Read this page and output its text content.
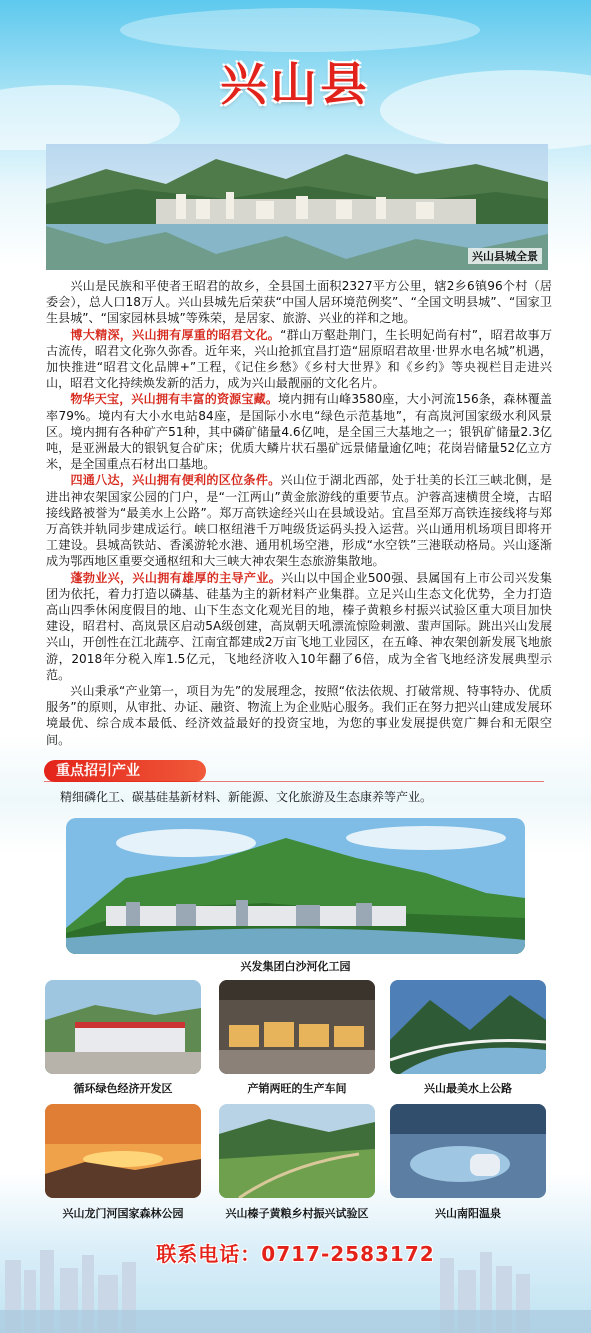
兴山县
兴山县城全景

  兴山是民族和平使者王昭君的故乡，全县国土面积2327平方公里，辖2乡6镇96个村（居委会），总人口18万人。兴山县城先后荣获“中国人居环境范例奖”、“全国文明县城”、“国家卫生县城”、“国家园林县城”等殊荣，是居家、旅游、兴业的祥和之地。

  博大精深，兴山拥有厚重的昭君文化。“群山万壑赴荆门，生长明妃尚有村”，昭君故事万古流传，昭君文化弥久弥香。近年来，兴山抢抓宜昌打造“屈原昭君故里·世界水电名城”机遇，加快推进“昭君文化品牌+”工程，《记住乡愁》《乡村大世界》和《乡约》等央视栏目走进兴山，昭君文化持续焕发新的活力，成为兴山最靓丽的文化名片。

  物华天宝，兴山拥有丰富的资源宝藏。境内拥有山峰3580座，大小河流156条，森林覆盖率79%。境内有大小水电站84座，是国际小水电“绿色示范基地”，有高岚河国家级水利风景区。境内拥有各种矿产51种，其中磷矿储量4.6亿吨，是全国三大基地之一；银钒矿储量2.3亿吨，是亚洲最大的银钒复合矿床；优质大鳞片状石墨矿远景储量逾亿吨；花岗岩储量52亿立方米，是全国重点石材出口基地。

  四通八达，兴山拥有便利的区位条件。兴山位于湖北西部，处于壮美的长江三峡北侧，是进出神农架国家公园的门户，是“一江两山”黄金旅游线的重要节点。沪蓉高速横贯全境，古昭接线路被誉为“最美水上公路”。郑万高铁途经兴山在县域设站。宜昌至郑万高铁连接线将与郑万高铁并轨同步建成运行。峡口枢纽港千万吨级货运码头投入运营。兴山通用机场项目即将开工建设。县城高铁站、香溪游轮水港、通用机场空港，形成“水空铁”三港联动格局。兴山逐渐成为鄂西地区重要交通枢纽和大三峡大神农架生态旅游集散地。

  蓬勃业兴，兴山拥有雄厚的主导产业。兴山以中国企业500强、县属国有上市公司兴发集团为依托，着力打造以磷基、硅基为主的新材料产业集群。立足兴山生态文化优势，全力打造高山四季休闲度假目的地、山下生态文化观光目的地，榛子黄粮乡村振兴试验区重大项目加快建设，昭君村、高岚景区启动5A级创建，高岚朝天吼漂流惊险刺激、蜚声国际。跳出兴山发展兴山，开创性在江北蔬亭、江南宜都建成2万亩飞地工业园区，在五峰、神农架创新发展飞地旅游，2018年分税入库1.5亿元，飞地经济收入10年翻了6倍，成为全省飞地经济发展典型示范。

  兴山秉承“产业第一，项目为先”的发展理念，按照“依法依规、打破常规、特事特办、优质服务”的原则，从审批、办证、融资、物流上为企业贴心服务。我们正在努力把兴山建成发展环境最优、综合成本最低、经济效益最好的投资宝地，为您的事业发展提供宽广舞台和无限空间。

重点招引产业
精细磷化工、碳基硅基新材料、新能源、文化旅游及生态康养等产业。
兴发集团白沙河化工园
循环绿色经济开发区	产销两旺的生产车间	兴山最美水上公路
兴山龙门河国家森林公园	兴山榛子黄粮乡村振兴试验区	兴山南阳温泉
联系电话：0717-2583172
